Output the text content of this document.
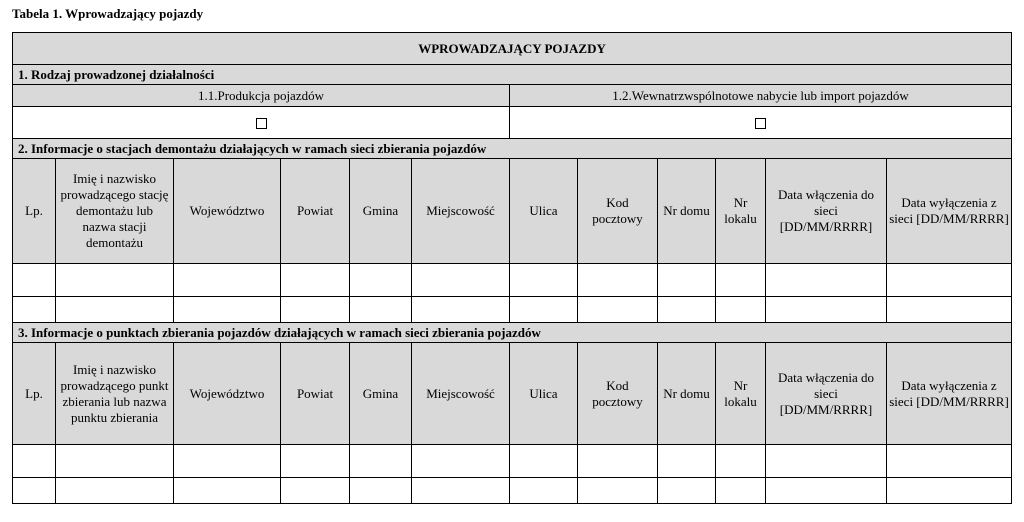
Tabela 1. Wprowadzający pojazdy
WPROWADZAJĄCY POJAZDY											
1. Rodzaj prowadzonej działalności											
1.1.Produkcja pojazdów						1.2.Wewnatrzwspólnotowe nabycie lub import pojazdów					

2. Informacje o stacjach demontażu działających w ramach sieci zbierania pojazdów											

Lp.	Imię i nazwisko prowadzącego stację demontażu lub nazwa stacji demontażu	Województwo	Powiat	Gmina	Miejscowość	Ulica	Kod pocztowy	Nr domu	Nr lokalu	Data włączenia do sieci [DD/MM/RRRR]	Data wyłączenia z sieci [DD/MM/RRRR]

3. Informacje o punktach zbierania pojazdów działających w ramach sieci zbierania pojazdów											

Lp.	Imię i nazwisko prowadzącego punkt zbierania lub nazwa punktu zbierania	Województwo	Powiat	Gmina	Miejscowość	Ulica	Kod pocztowy	Nr domu	Nr lokalu	Data włączenia do sieci [DD/MM/RRRR]	Data wyłączenia z sieci [DD/MM/RRRR]
